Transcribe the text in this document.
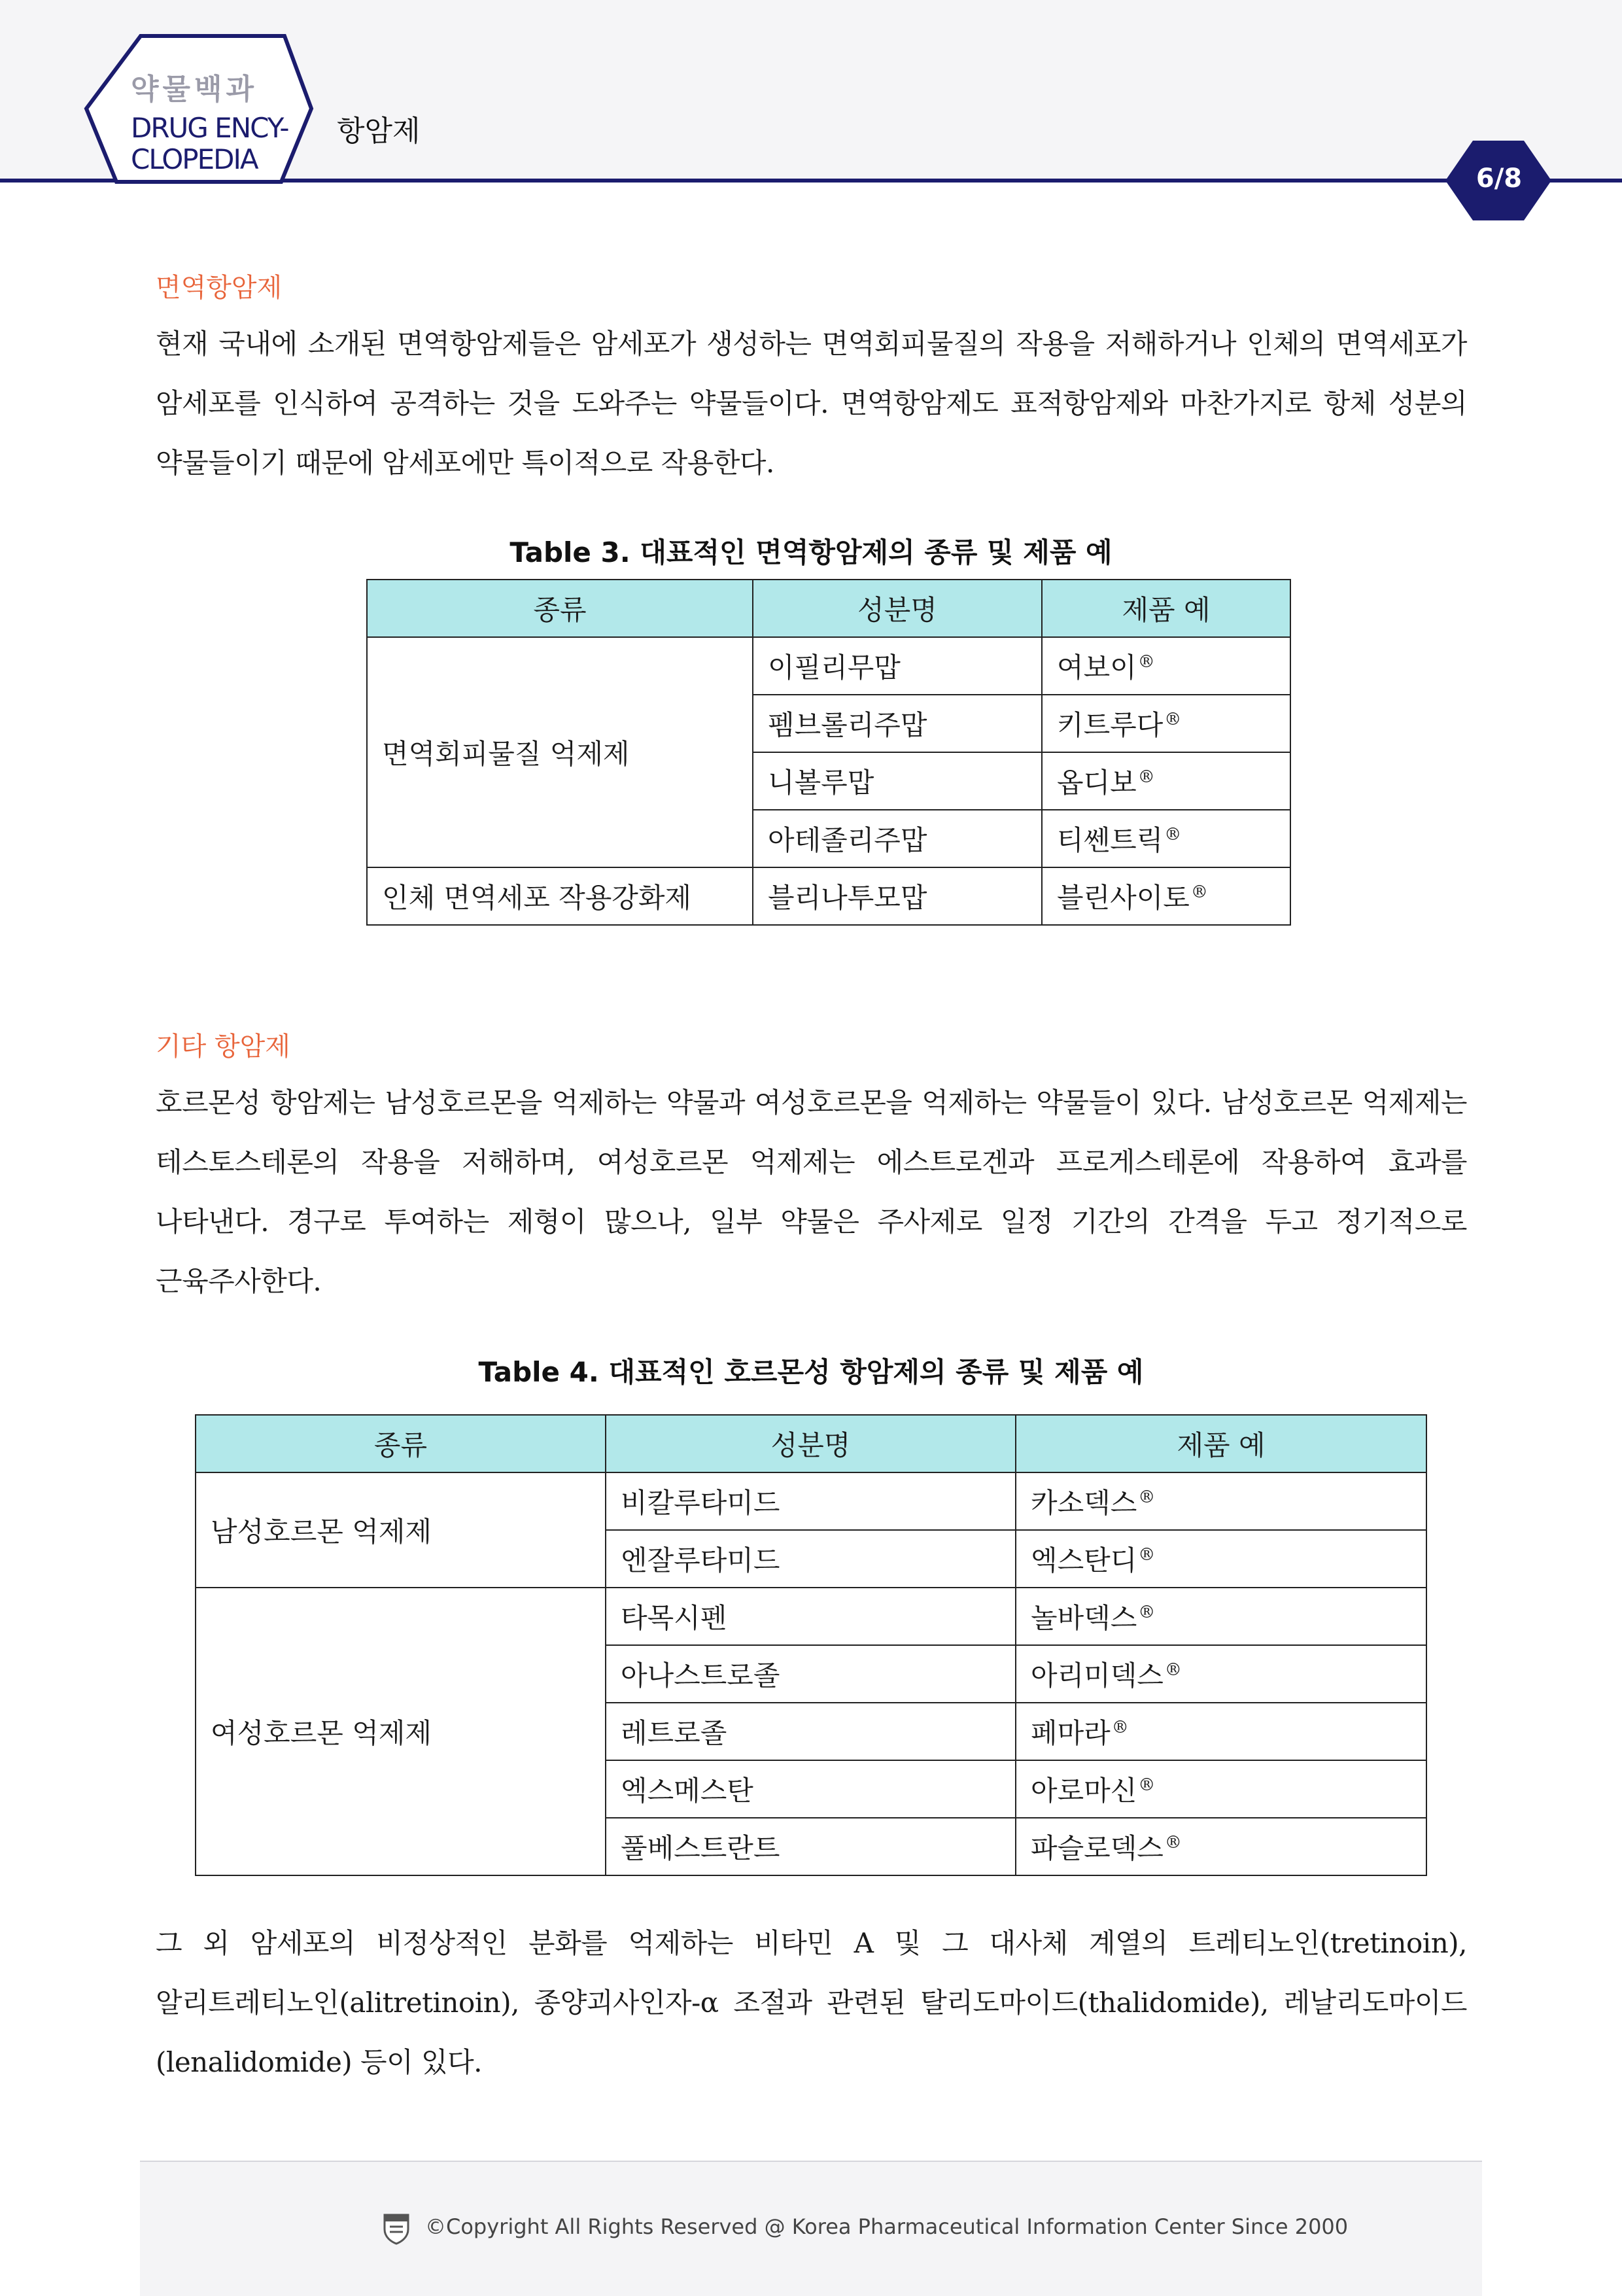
약물백과
DRUG ENCY-CLOPEDIA
항암제
6/8
면역항암제

현재 국내에 소개된 면역항암제들은 암세포가 생성하는 면역회피물질의 작용을 저해하거나 인체의 면역세포가 암세포를 인식하여 공격하는 것을 도와주는 약물들이다. 면역항암제도 표적항암제와 마찬가지로 항체 성분의 약물들이기 때문에 암세포에만 특이적으로 작용한다.

Table 3. 대표적인 면역항암제의 종류 및 제품 예
종류	성분명	제품 예
면역회피물질 억제제	이필리무맙	여보이®
	펨브롤리주맙	키트루다®
	니볼루맙	옵디보®
	아테졸리주맙	티쎈트릭®
인체 면역세포 작용강화제	블리나투모맙	블린사이토®
기타 항암제

호르몬성 항암제는 남성호르몬을 억제하는 약물과 여성호르몬을 억제하는 약물들이 있다. 남성호르몬 억제제는 테스토스테론의 작용을 저해하며, 여성호르몬 억제제는 에스트로겐과 프로게스테론에 작용하여 효과를 나타낸다. 경구로 투여하는 제형이 많으나, 일부 약물은 주사제로 일정 기간의 간격을 두고 정기적으로 근육주사한다.

Table 4. 대표적인 호르몬성 항암제의 종류 및 제품 예
종류	성분명	제품 예
남성호르몬 억제제	비칼루타미드	카소덱스®
	엔잘루타미드	엑스탄디®
여성호르몬 억제제	타목시펜	놀바덱스®
	아나스트로졸	아리미덱스®
	레트로졸	페마라®
	엑스메스탄	아로마신®
	풀베스트란트	파슬로덱스®

그 외 암세포의 비정상적인 분화를 억제하는 비타민 A 및 그 대사체 계열의 트레티노인(tretinoin), 알리트레티노인(alitretinoin), 종양괴사인자-α 조절과 관련된 탈리도마이드(thalidomide), 레날리도마이드(lenalidomide) 등이 있다.

©Copyright All Rights Reserved @ Korea Pharmaceutical Information Center Since 2000
